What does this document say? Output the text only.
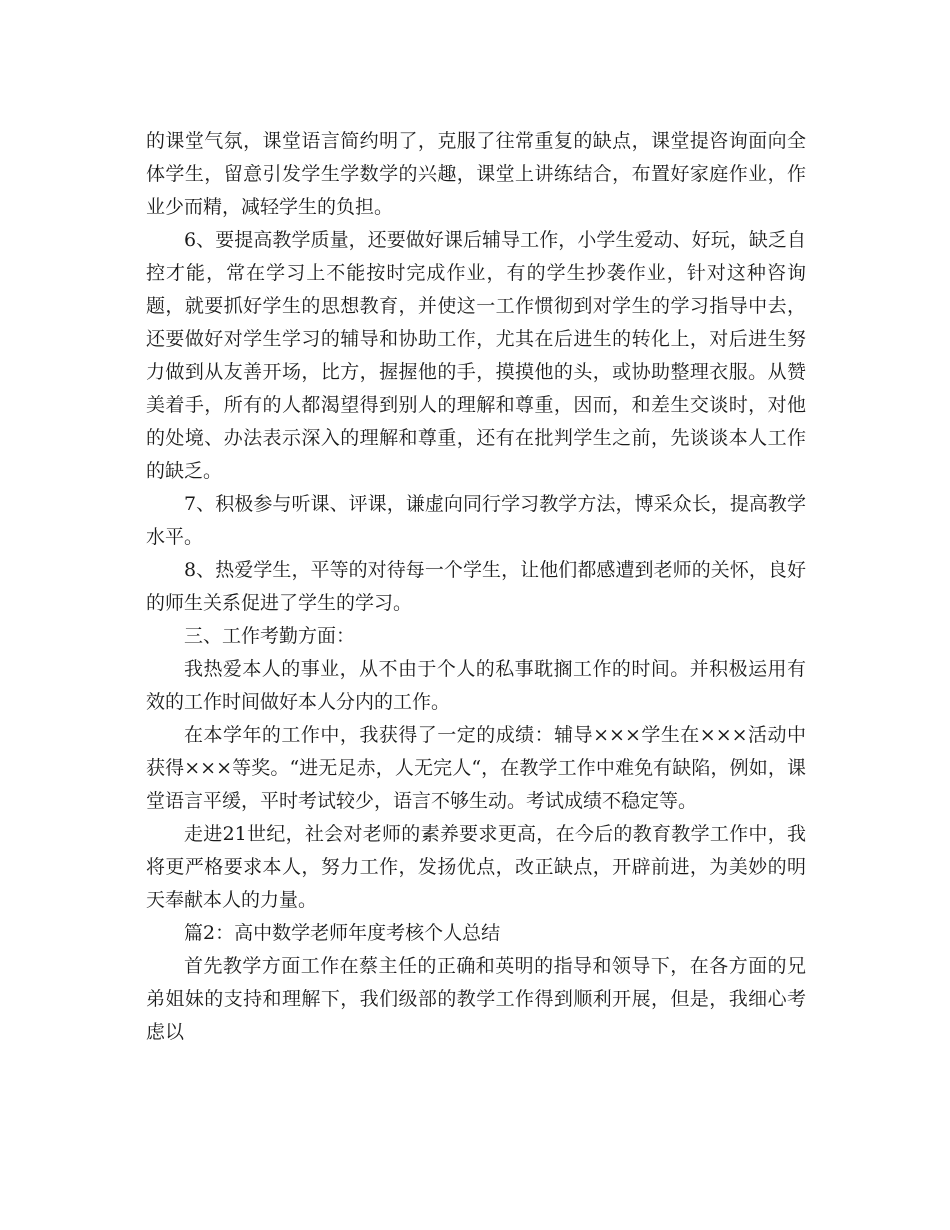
的课堂气氛，课堂语言简约明了，克服了往常重复的缺点，课堂提咨询面向全体学生，留意引发学生学数学的兴趣，课堂上讲练结合，布置好家庭作业，作业少而精，减轻学生的负担。

6、要提高教学质量，还要做好课后辅导工作，小学生爱动、好玩，缺乏自控才能，常在学习上不能按时完成作业，有的学生抄袭作业，针对这种咨询题，就要抓好学生的思想教育，并使这一工作惯彻到对学生的学习指导中去，还要做好对学生学习的辅导和协助工作，尤其在后进生的转化上，对后进生努力做到从友善开场，比方，握握他的手，摸摸他的头，或协助整理衣服。从赞美着手，所有的人都渴望得到别人的理解和尊重，因而，和差生交谈时，对他的处境、办法表示深入的理解和尊重，还有在批判学生之前，先谈谈本人工作的缺乏。

7、积极参与听课、评课，谦虚向同行学习教学方法，博采众长，提高教学水平。

8、热爱学生，平等的对待每一个学生，让他们都感遭到老师的关怀，良好的师生关系促进了学生的学习。

三、工作考勤方面：

我热爱本人的事业，从不由于个人的私事耽搁工作的时间。并积极运用有效的工作时间做好本人分内的工作。

在本学年的工作中，我获得了一定的成绩：辅导×××学生在×××活动中获得×××等奖。“进无足赤，人无完人“，在教学工作中难免有缺陷，例如，课堂语言平缓，平时考试较少，语言不够生动。考试成绩不稳定等。

走进21世纪，社会对老师的素养要求更高，在今后的教育教学工作中，我将更严格要求本人，努力工作，发扬优点，改正缺点，开辟前进，为美妙的明天奉献本人的力量。

篇2：高中数学老师年度考核个人总结

首先教学方面工作在蔡主任的正确和英明的指导和领导下，在各方面的兄弟姐妹的支持和理解下，我们级部的教学工作得到顺利开展，但是，我细心考虑以
